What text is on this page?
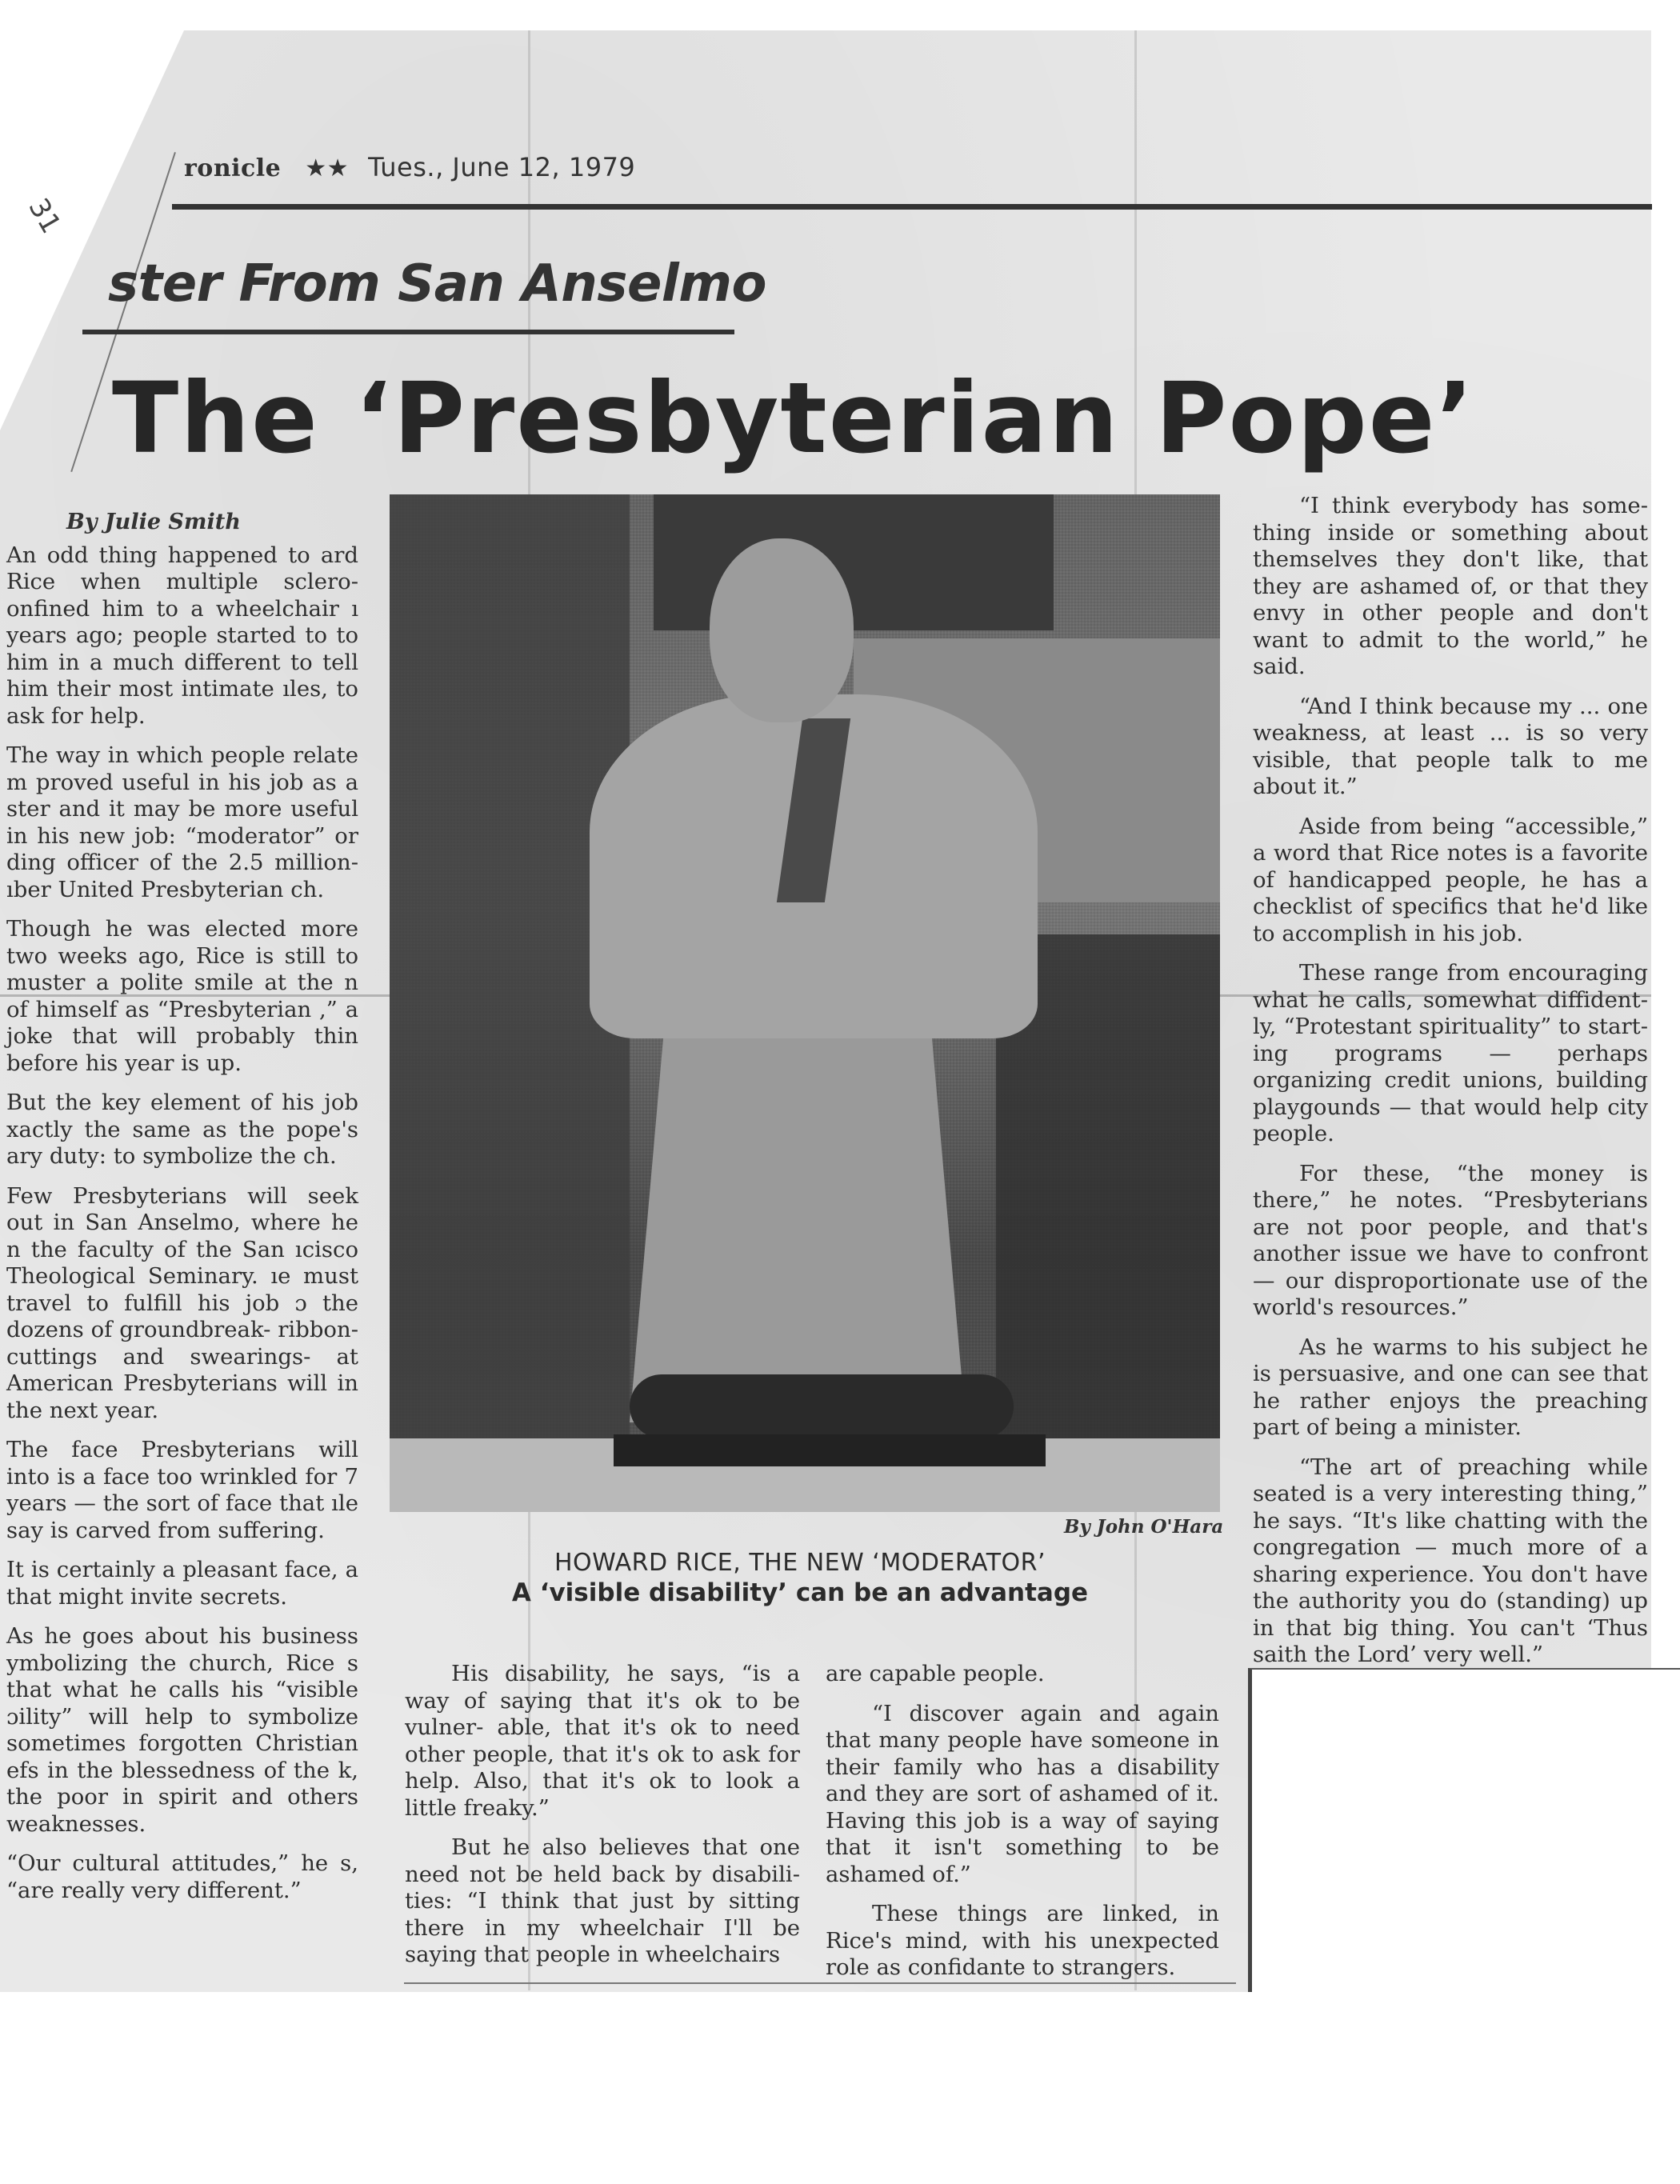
31
ronicle ★★ Tues., June 12, 1979
ster From San Anselmo
The ‘Presbyterian Pope’
By Julie Smith

An odd thing happened to ard Rice when multiple sclero- onfined him to a wheelchair ı years ago; people started to to him in a much different to tell him their most intimate ıles, to ask for help.

The way in which people relate m proved useful in his job as a ster and it may be more useful in his new job: “moderator” or ding officer of the 2.5 million- ıber United Presbyterian ch.

Though he was elected more two weeks ago, Rice is still to muster a polite smile at the n of himself as “Presbyterian ,” a joke that will probably thin before his year is up.

But the key element of his job xactly the same as the pope's ary duty: to symbolize the ch.

Few Presbyterians will seek out in San Anselmo, where he n the faculty of the San ıcisco Theological Seminary. ıe must travel to fulfill his job ɔ the dozens of groundbreak- ribbon-cuttings and swearings- at American Presbyterians will in the next year.

The face Presbyterians will into is a face too wrinkled for 7 years — the sort of face that ıle say is carved from suffering.

It is certainly a pleasant face, a that might invite secrets.

As he goes about his business ymbolizing the church, Rice s that what he calls his “visible ɔility” will help to symbolize sometimes forgotten Christian efs in the blessedness of the k, the poor in spirit and others weaknesses.

“Our cultural attitudes,” he s, “are really very different.”

By John O'Hara
HOWARD RICE, THE NEW ‘MODERATOR’
A ‘visible disability’ can be an advantage

His disability, he says, “is a way of saying that it's ok to be vulner- able, that it's ok to need other people, that it's ok to ask for help. Also, that it's ok to look a little freaky.”

But he also believes that one need not be held back by disabili- ties: “I think that just by sitting there in my wheelchair I'll be saying that people in wheelchairs

are capable people.

“I discover again and again that many people have someone in their family who has a disability and they are sort of ashamed of it. Having this job is a way of saying that it isn't something to be ashamed of.”

These things are linked, in Rice's mind, with his unexpected role as confidante to strangers.

“I think everybody has some- thing inside or something about themselves they don't like, that they are ashamed of, or that they envy in other people and don't want to admit to the world,” he said.

“And I think because my ... one weakness, at least ... is so very visible, that people talk to me about it.”

Aside from being “accessible,” a word that Rice notes is a favorite of handicapped people, he has a checklist of specifics that he'd like to accomplish in his job.

These range from encouraging what he calls, somewhat diffident- ly, “Protestant spirituality” to start- ing programs — perhaps organizing credit unions, building playgounds — that would help city people.

For these, “the money is there,” he notes. “Presbyterians are not poor people, and that's another issue we have to confront — our disproportionate use of the world's resources.”

As he warms to his subject he is persuasive, and one can see that he rather enjoys the preaching part of being a minister.

“The art of preaching while seated is a very interesting thing,” he says. “It's like chatting with the congregation — much more of a sharing experience. You don't have the authority you do (standing) up in that big thing. You can't ‘Thus saith the Lord’ very well.”
